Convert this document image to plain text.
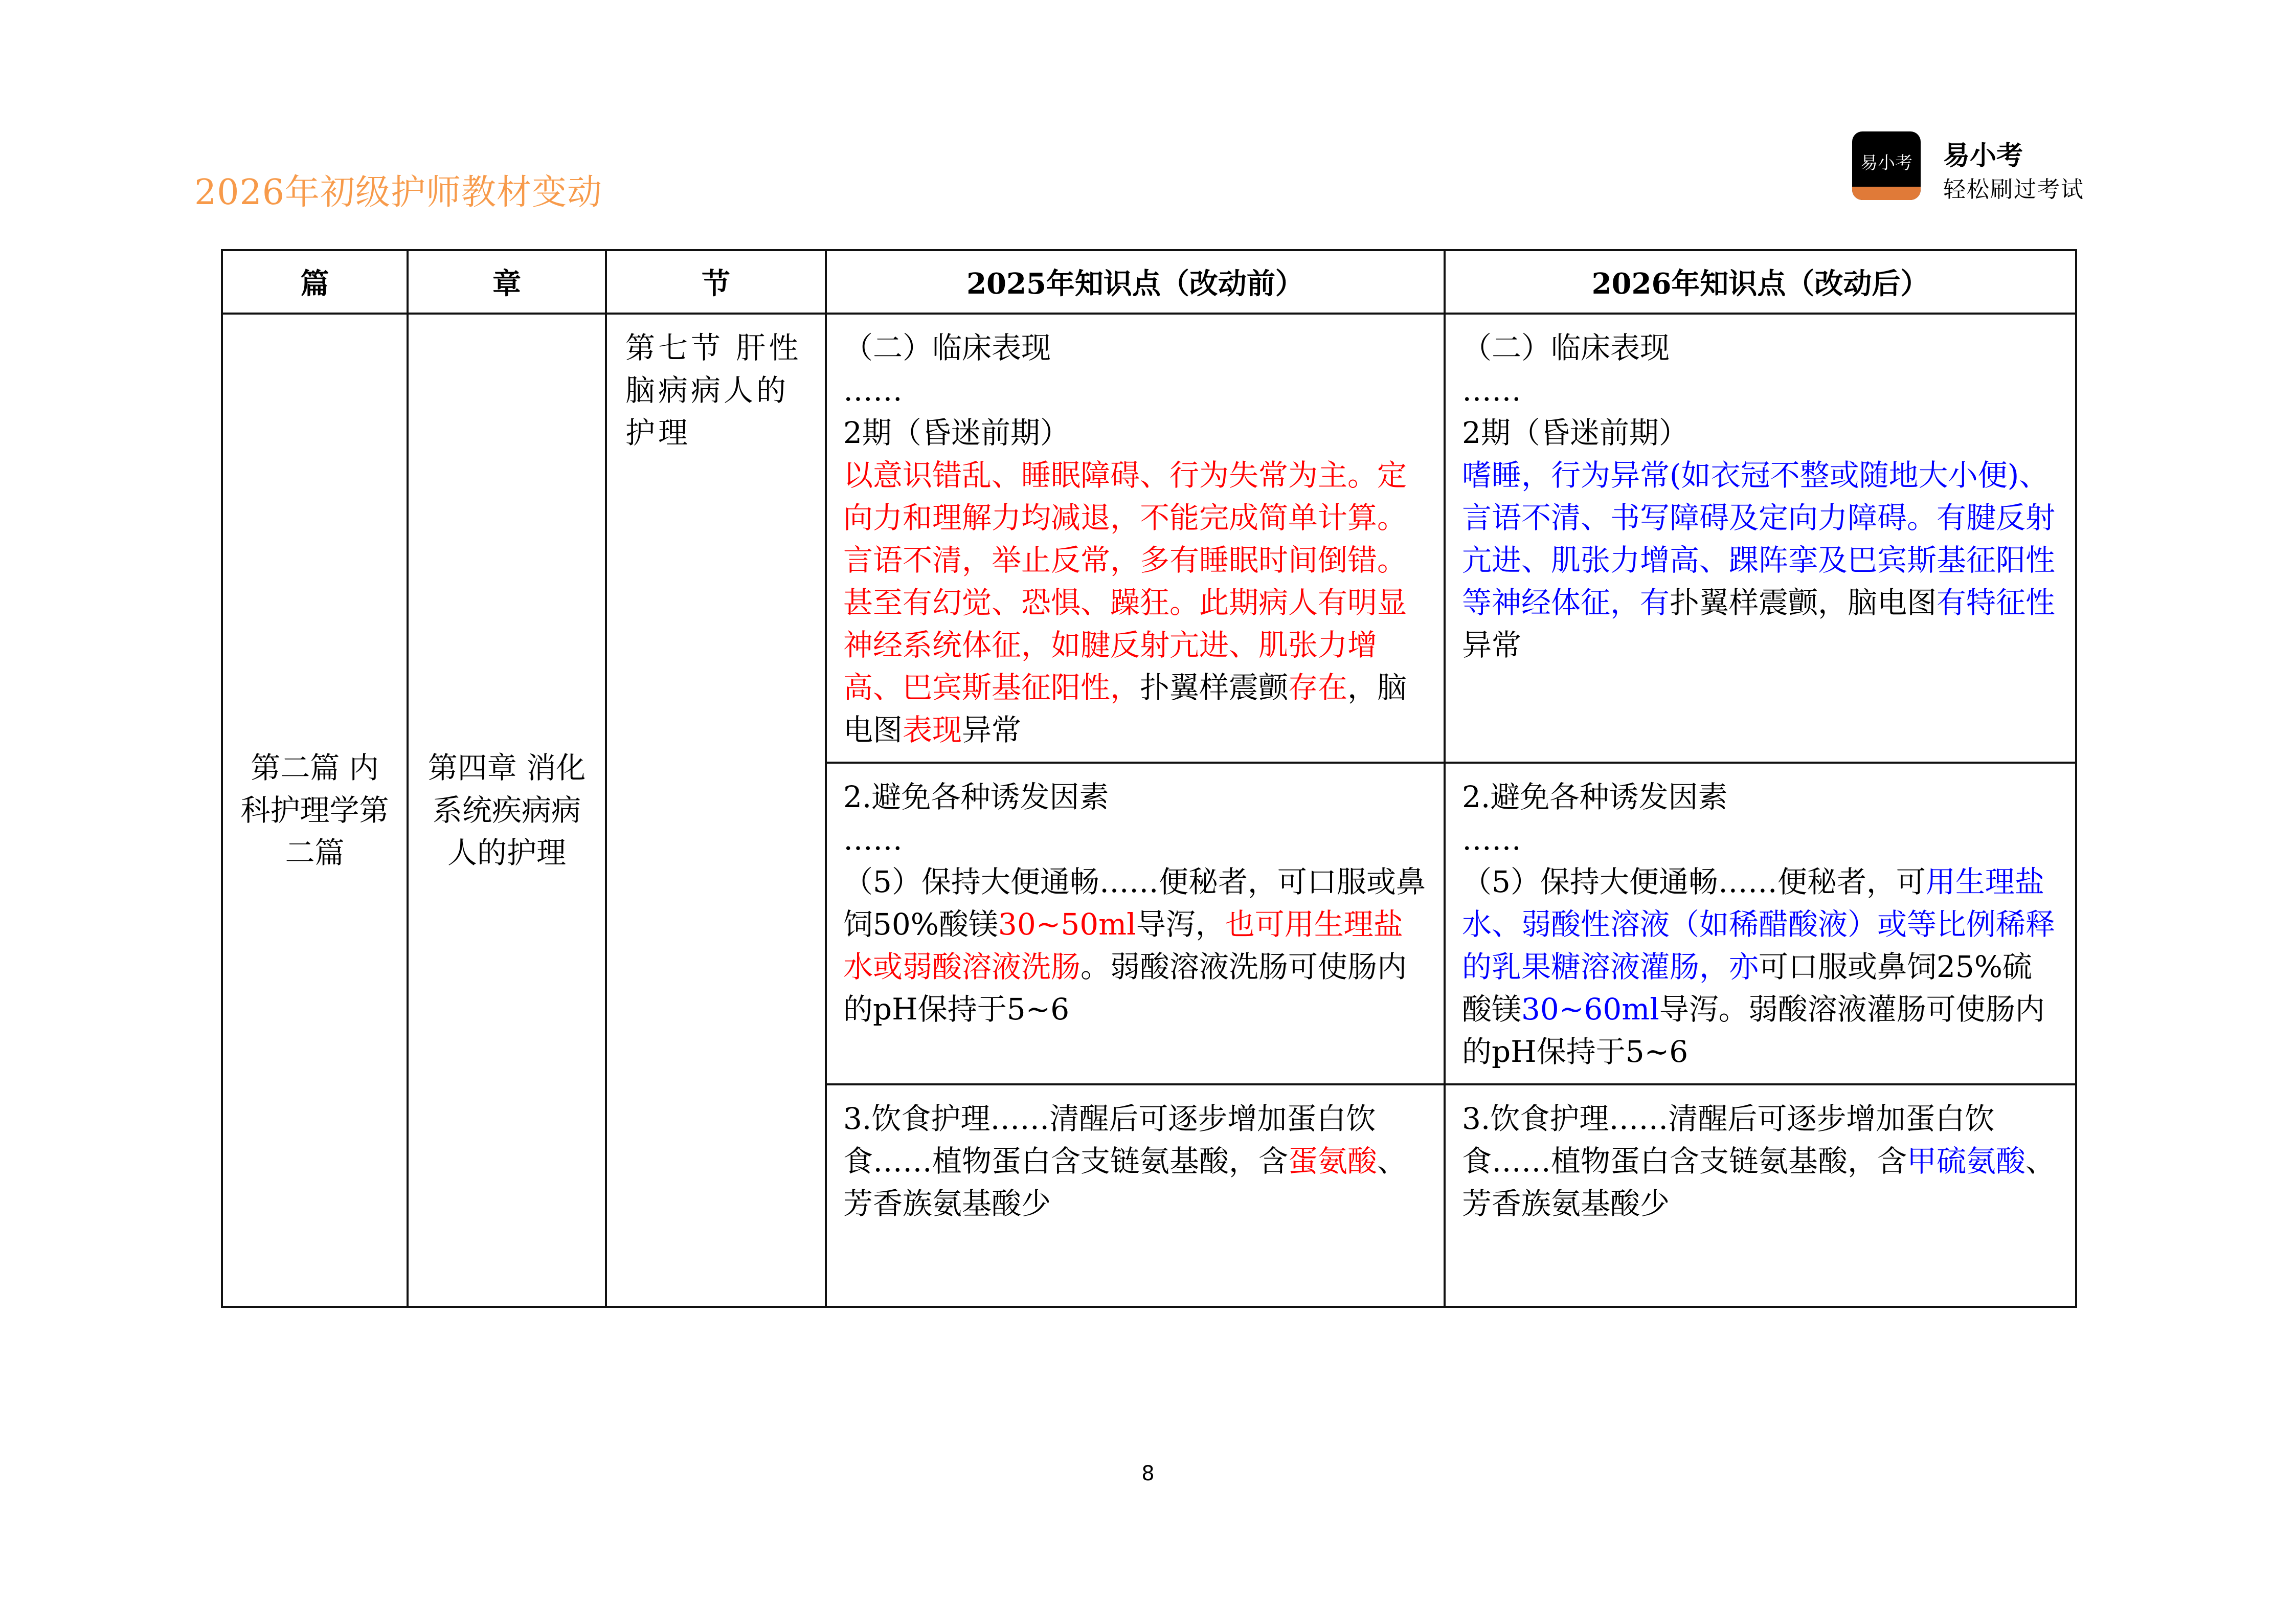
2026年初级护师教材变动
易小考	易小考
轻松刷过考试
篇	章	节	2025年知识点（改动前）	2026年知识点（改动后）
第二篇 内科护理学第二篇	第四章 消化系统疾病病人的护理	第七节 肝性脑病病人的护理	（二）临床表现
……
2期（昏迷前期）
以意识错乱、睡眠障碍、行为失常为主。定向力和理解力均减退，不能完成简单计算。言语不清，举止反常，多有睡眠时间倒错。甚至有幻觉、恐惧、躁狂。此期病人有明显神经系统体征，如腱反射亢进、肌张力增高、巴宾斯基征阳性，扑翼样震颤存在，脑电图表现异常	（二）临床表现
……
2期（昏迷前期）
嗜睡，行为异常(如衣冠不整或随地大小便)、言语不清、书写障碍及定向力障碍。有腱反射亢进、肌张力增高、踝阵挛及巴宾斯基征阳性等神经体征，有扑翼样震颤，脑电图有特征性异常
			2.避免各种诱发因素
……
（5）保持大便通畅……便秘者，可口服或鼻饲50%酸镁30~50ml导泻，也可用生理盐水或弱酸溶液洗肠。弱酸溶液洗肠可使肠内的pH保持于5~6	2.避免各种诱发因素
……
（5）保持大便通畅……便秘者，可用生理盐水、弱酸性溶液（如稀醋酸液）或等比例稀释的乳果糖溶液灌肠，亦可口服或鼻饲25%硫酸镁30~60ml导泻。弱酸溶液灌肠可使肠内的pH保持于5~6
			3.饮食护理……清醒后可逐步增加蛋白饮食……植物蛋白含支链氨基酸，含蛋氨酸、芳香族氨基酸少	3.饮食护理……清醒后可逐步增加蛋白饮食……植物蛋白含支链氨基酸，含甲硫氨酸、芳香族氨基酸少
8
